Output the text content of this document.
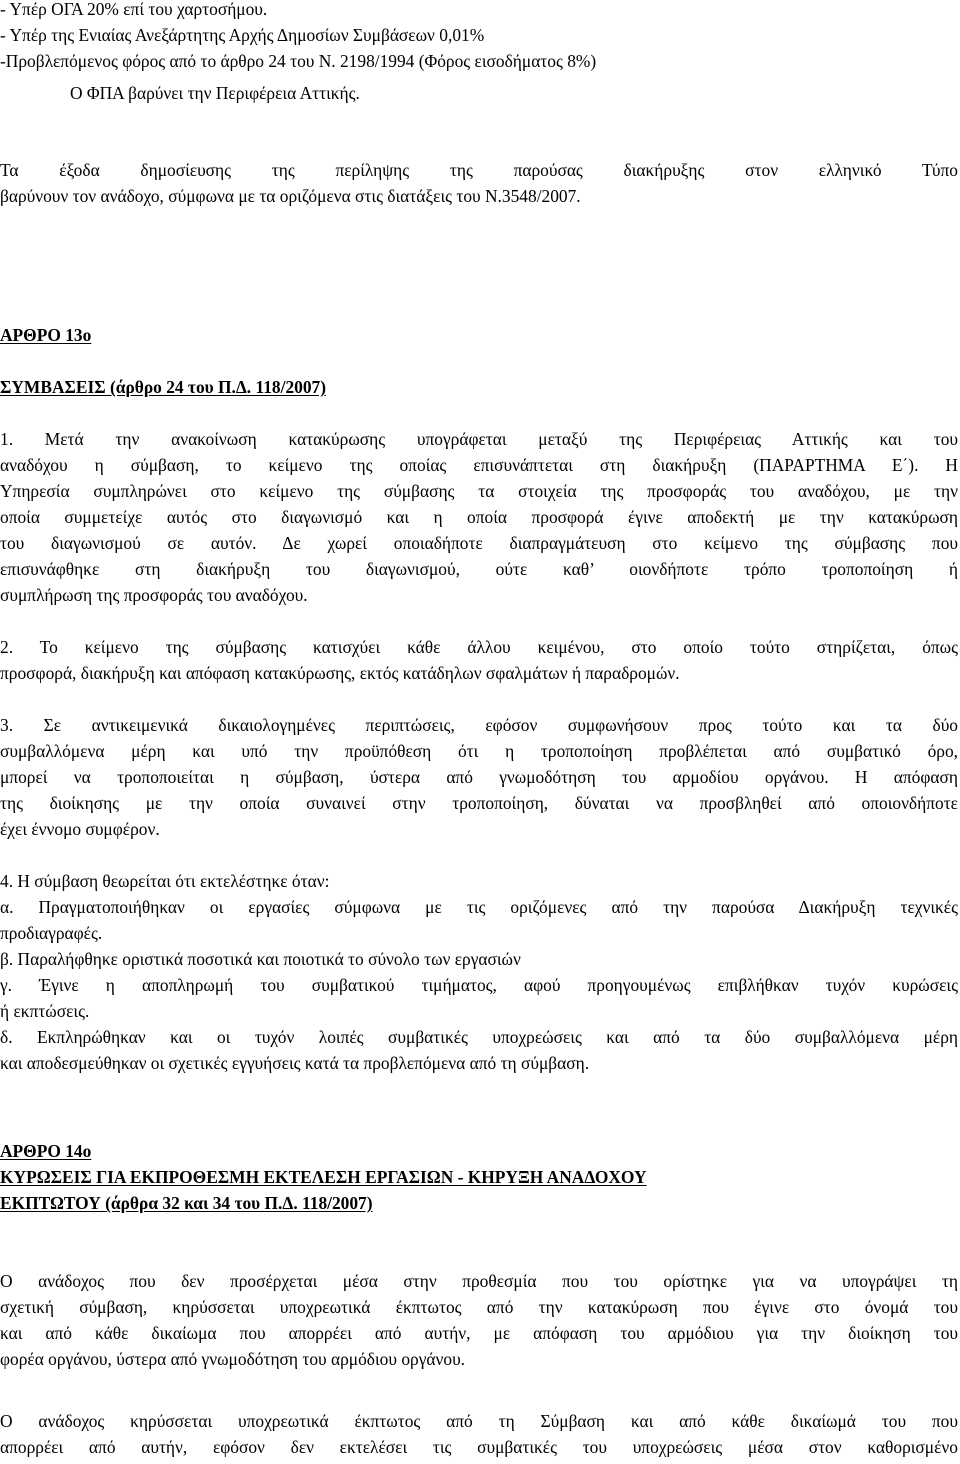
- Υπέρ ΟΓΑ 20% επί του χαρτοσήμου.
- Υπέρ της Ενιαίας Ανεξάρτητης Αρχής Δημοσίων Συμβάσεων 0,01%
-Προβλεπόμενος φόρος από το άρθρο 24 του Ν. 2198/1994 (Φόρος εισοδήματος 8%)
Ο ΦΠΑ βαρύνει την Περιφέρεια Αττικής.
Τα έξοδα δημοσίευσης της περίληψης της παρούσας διακήρυξης στον ελληνικό Τύπο
βαρύνουν τον ανάδοχο, σύμφωνα με τα οριζόμενα στις διατάξεις του Ν.3548/2007.
ΑΡΘΡΟ 13ο
ΣΥΜΒΑΣΕΙΣ (άρθρο 24 του Π.Δ. 118/2007)
1. Μετά την ανακοίνωση κατακύρωσης υπογράφεται μεταξύ της Περιφέρειας Αττικής και του
αναδόχου η σύμβαση, το κείμενο της οποίας επισυνάπτεται στη διακήρυξη (ΠΑΡΑΡΤΗΜΑ Ε΄). Η
Υπηρεσία συμπληρώνει στο κείμενο της σύμβασης τα στοιχεία της προσφοράς του αναδόχου, με την
οποία συμμετείχε αυτός στο διαγωνισμό και η οποία προσφορά έγινε αποδεκτή με την κατακύρωση
του διαγωνισμού σε αυτόν. Δε χωρεί οποιαδήποτε διαπραγμάτευση στο κείμενο της σύμβασης που
επισυνάφθηκε στη διακήρυξη του διαγωνισμού, ούτε καθ’ οιονδήποτε τρόπο τροποποίηση ή
συμπλήρωση της προσφοράς του αναδόχου.
2. Το κείμενο της σύμβασης κατισχύει κάθε άλλου κειμένου, στο οποίο τούτο στηρίζεται, όπως
προσφορά, διακήρυξη και απόφαση κατακύρωσης, εκτός κατάδηλων σφαλμάτων ή παραδρομών.
3. Σε αντικειμενικά δικαιολογημένες περιπτώσεις, εφόσον συμφωνήσουν προς τούτο και τα δύο
συμβαλλόμενα μέρη και υπό την προϋπόθεση ότι η τροποποίηση προβλέπεται από συμβατικό όρο,
μπορεί να τροποποιείται η σύμβαση, ύστερα από γνωμοδότηση του αρμοδίου οργάνου. Η απόφαση
της διοίκησης με την οποία συναινεί στην τροποποίηση, δύναται να προσβληθεί από οποιονδήποτε
έχει έννομο συμφέρον.
4. Η σύμβαση θεωρείται ότι εκτελέστηκε όταν:
α. Πραγματοποιήθηκαν οι εργασίες σύμφωνα με τις οριζόμενες από την παρούσα Διακήρυξη τεχνικές
προδιαγραφές.
β. Παραλήφθηκε οριστικά ποσοτικά και ποιοτικά το σύνολο των εργασιών
γ. Έγινε η αποπληρωμή του συμβατικού τιμήματος, αφού προηγουμένως επιβλήθκαν τυχόν κυρώσεις
ή εκπτώσεις.
δ. Εκπληρώθηκαν και οι τυχόν λοιπές συμβατικές υποχρεώσεις και από τα δύο συμβαλλόμενα μέρη
και αποδεσμεύθηκαν οι σχετικές εγγυήσεις κατά τα προβλεπόμενα από τη σύμβαση.
ΑΡΘΡΟ 14ο
ΚΥΡΩΣΕΙΣ ΓΙΑ ΕΚΠΡΟΘΕΣΜΗ ΕΚΤΕΛΕΣΗ ΕΡΓΑΣΙΩΝ - ΚΗΡΥΞΗ ΑΝΑΔΟΧΟΥ
ΕΚΠΤΩΤΟΥ (άρθρα 32 και 34 του Π.Δ. 118/2007)
Ο ανάδοχος που δεν προσέρχεται μέσα στην προθεσμία που του ορίστηκε για να υπογράψει τη
σχετική σύμβαση, κηρύσσεται υποχρεωτικά έκπτωτος από την κατακύρωση που έγινε στο όνομά του
και από κάθε δικαίωμα που απορρέει από αυτήν, με απόφαση του αρμόδιου για την διοίκηση του
φορέα οργάνου, ύστερα από γνωμοδότηση του αρμόδιου οργάνου.
Ο ανάδοχος κηρύσσεται υποχρεωτικά έκπτωτος από τη Σύμβαση και από κάθε δικαίωμά του που
απορρέει από αυτήν, εφόσον δεν εκτελέσει τις συμβατικές του υποχρεώσεις μέσα στον καθορισμένο
